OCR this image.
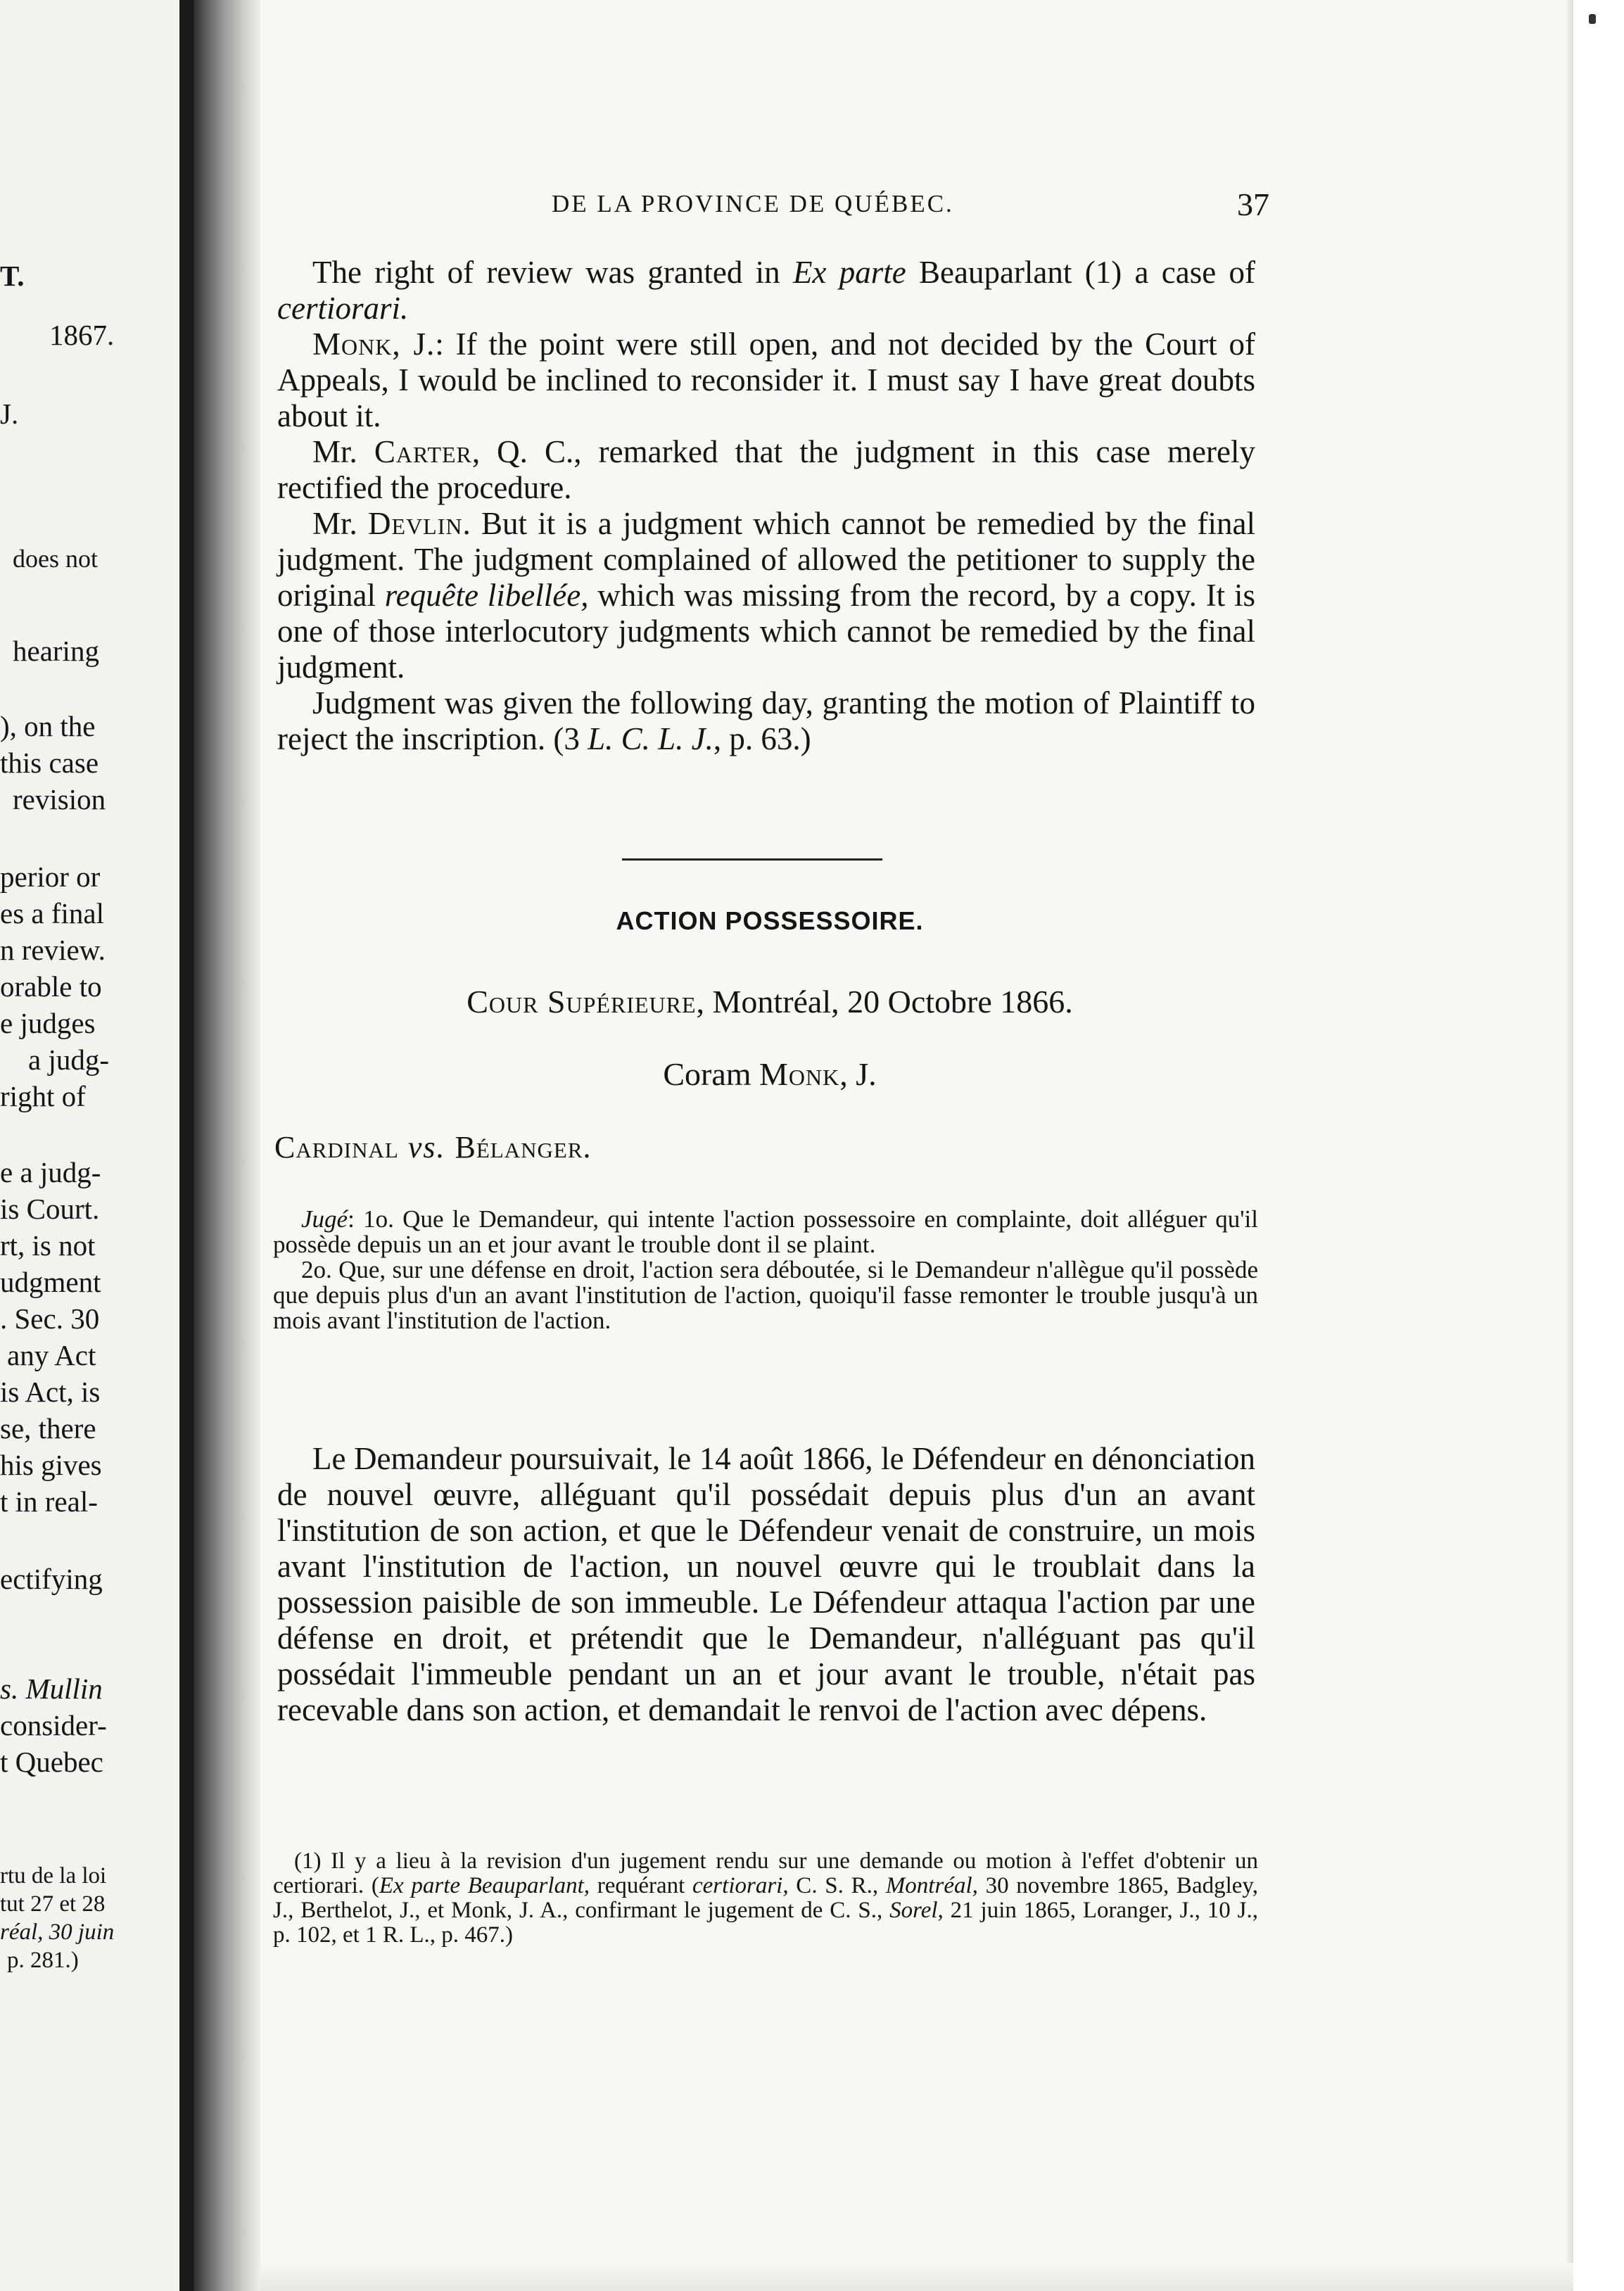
T.
1867.
J.
does not
hearing
), on the
this case
revision
perior or
es a final
n review.
orable to
e judges
a judg-
right of
e a judg-
is Court.
rt, is not
udgment
. Sec. 30
any Act
is Act, is
se, there
his gives
t in real-
ectifying
s. Mullin
consider-
t Quebec
rtu de la loi
tut 27 et 28
réal, 30 juin
p. 281.)
DE LA PROVINCE DE QUÉBEC.	37

The right of review was granted in Ex parte Beauparlant (1) a case of certiorari.

Monk, J.: If the point were still open, and not decided by the Court of Appeals, I would be inclined to reconsider it. I must say I have great doubts about it.

Mr. Carter, Q. C., remarked that the judgment in this case merely rectified the procedure.

Mr. Devlin. But it is a judgment which cannot be remedied by the final judgment. The judgment complained of allowed the petitioner to supply the original requête libellée, which was missing from the record, by a copy. It is one of those interlocutory judgments which cannot be remedied by the final judgment.

Judgment was given the following day, granting the motion of Plaintiff to reject the inscription. (3 L. C. L. J., p. 63.)

ACTION POSSESSOIRE.
Cour Supérieure, Montréal, 20 Octobre 1866.
Coram Monk, J.
Cardinal vs. Bélanger.

Jugé: 1o. Que le Demandeur, qui intente l'action possessoire en complainte, doit alléguer qu'il possède depuis un an et jour avant le trouble dont il se plaint.

2o. Que, sur une défense en droit, l'action sera déboutée, si le Demandeur n'allègue qu'il possède que depuis plus d'un an avant l'institution de l'action, quoiqu'il fasse remonter le trouble jusqu'à un mois avant l'institution de l'action.

Le Demandeur poursuivait, le 14 août 1866, le Défendeur en dénonciation de nouvel œuvre, alléguant qu'il possédait depuis plus d'un an avant l'institution de son action, et que le Défendeur venait de construire, un mois avant l'institution de l'action, un nouvel œuvre qui le troublait dans la possession paisible de son immeuble. Le Défendeur attaqua l'action par une défense en droit, et prétendit que le Demandeur, n'alléguant pas qu'il possédait l'immeuble pendant un an et jour avant le trouble, n'était pas recevable dans son action, et demandait le renvoi de l'action avec dépens.

(1) Il y a lieu à la revision d'un jugement rendu sur une demande ou motion à l'effet d'obtenir un certiorari. (Ex parte Beauparlant, requérant certiorari, C. S. R., Montréal, 30 novembre 1865, Badgley, J., Berthelot, J., et Monk, J. A., confirmant le jugement de C. S., Sorel, 21 juin 1865, Loranger, J., 10 J., p. 102, et 1 R. L., p. 467.)
